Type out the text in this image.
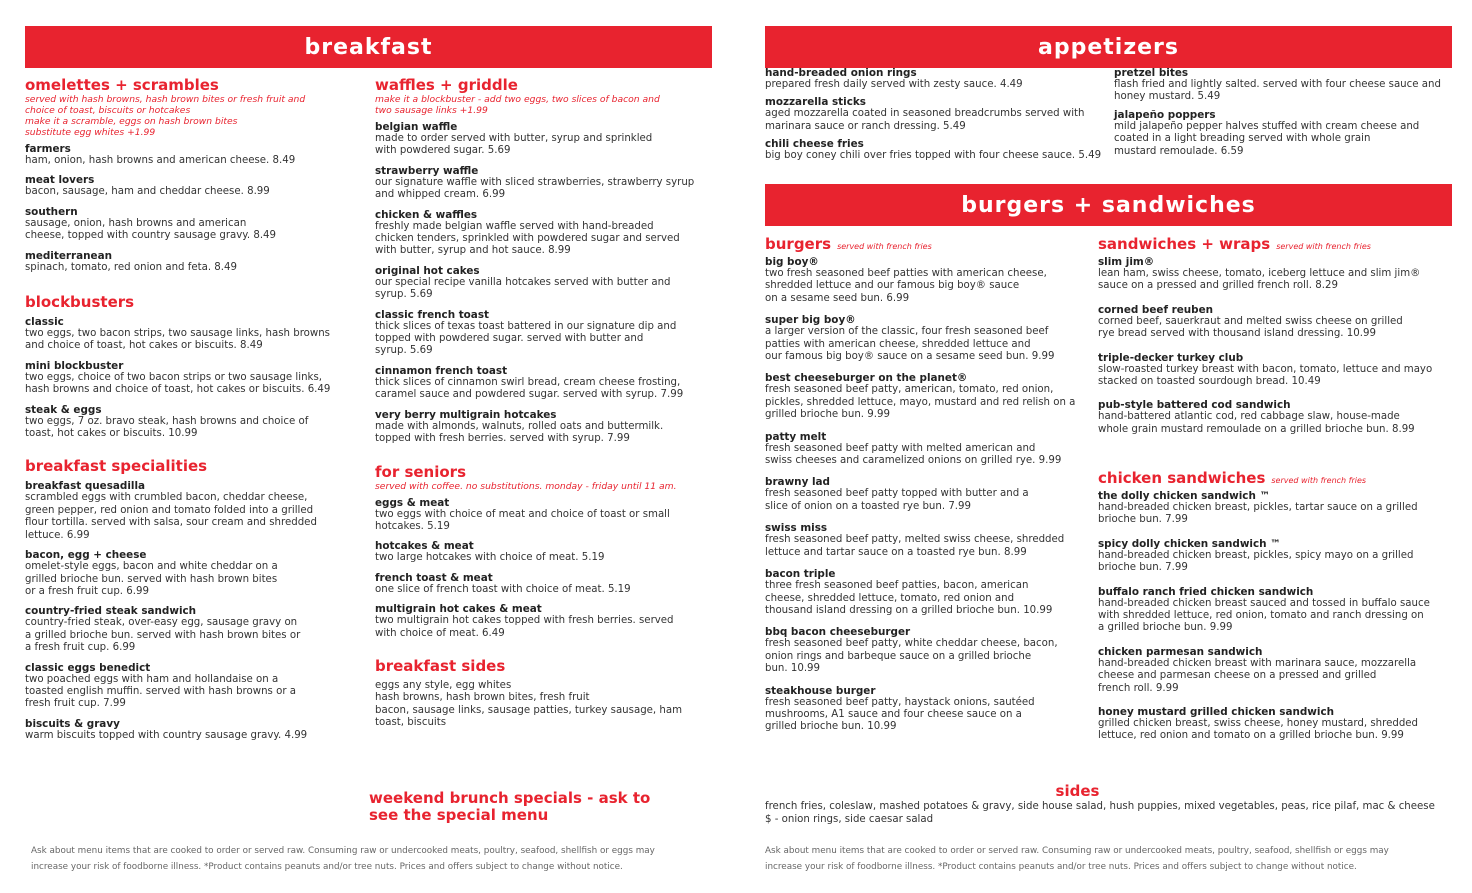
breakfast	appetizers
burgers + sandwiches
omelettes + scrambles
served with hash browns, hash brown bites or fresh fruit and
choice of toast, biscuits or hotcakes
make it a scramble, eggs on hash brown bites
substitute egg whites +1.99
farmers
ham, onion, hash browns and american cheese. 8.49
meat lovers
bacon, sausage, ham and cheddar cheese. 8.99
southern
sausage, onion, hash browns and american
cheese, topped with country sausage gravy. 8.49
mediterranean
spinach, tomato, red onion and feta. 8.49
blockbusters
classic
two eggs, two bacon strips, two sausage links, hash browns
and choice of toast, hot cakes or biscuits. 8.49
mini blockbuster
two eggs, choice of two bacon strips or two sausage links,
hash browns and choice of toast, hot cakes or biscuits. 6.49
steak & eggs
two eggs, 7 oz. bravo steak, hash browns and choice of
toast, hot cakes or biscuits. 10.99
breakfast specialities
breakfast quesadilla
scrambled eggs with crumbled bacon, cheddar cheese,
green pepper, red onion and tomato folded into a grilled
flour tortilla. served with salsa, sour cream and shredded
lettuce. 6.99
bacon, egg + cheese
omelet-style eggs, bacon and white cheddar on a
grilled brioche bun. served with hash brown bites
or a fresh fruit cup. 6.99
country-fried steak sandwich
country-fried steak, over-easy egg, sausage gravy on
a grilled brioche bun. served with hash brown bites or
a fresh fruit cup. 6.99
classic eggs benedict
two poached eggs with ham and hollandaise on a
toasted english muffin. served with hash browns or a
fresh fruit cup. 7.99
biscuits & gravy
warm biscuits topped with country sausage gravy. 4.99
waffles + griddle
make it a blockbuster - add two eggs, two slices of bacon and
two sausage links +1.99
belgian waffle
made to order served with butter, syrup and sprinkled
with powdered sugar. 5.69
strawberry waffle
our signature waffle with sliced strawberries, strawberry syrup
and whipped cream. 6.99
chicken & waffles
freshly made belgian waffle served with hand-breaded
chicken tenders, sprinkled with powdered sugar and served
with butter, syrup and hot sauce. 8.99
original hot cakes
our special recipe vanilla hotcakes served with butter and
syrup. 5.69
classic french toast
thick slices of texas toast battered in our signature dip and
topped with powdered sugar. served with butter and
syrup. 5.69
cinnamon french toast
thick slices of cinnamon swirl bread, cream cheese frosting,
caramel sauce and powdered sugar. served with syrup. 7.99
very berry multigrain hotcakes
made with almonds, walnuts, rolled oats and buttermilk.
topped with fresh berries. served with syrup. 7.99
for seniors
served with coffee. no substitutions. monday - friday until 11 am.
eggs & meat
two eggs with choice of meat and choice of toast or small
hotcakes. 5.19
hotcakes & meat
two large hotcakes with choice of meat. 5.19
french toast & meat
one slice of french toast with choice of meat. 5.19
multigrain hot cakes & meat
two multigrain hot cakes topped with fresh berries. served
with choice of meat. 6.49
breakfast sides
eggs any style, egg whites
hash browns, hash brown bites, fresh fruit
bacon, sausage links, sausage patties, turkey sausage, ham
toast, biscuits
weekend brunch specials - ask to
see the special menu
hand-breaded onion rings
prepared fresh daily served with zesty sauce. 4.49
mozzarella sticks
aged mozzarella coated in seasoned breadcrumbs served with
marinara sauce or ranch dressing. 5.49
chili cheese fries
big boy coney chili over fries topped with four cheese sauce. 5.49
pretzel bites
flash fried and lightly salted. served with four cheese sauce and
honey mustard. 5.49
jalapeño poppers
mild jalapeño pepper halves stuffed with cream cheese and
coated in a light breading served with whole grain
mustard remoulade. 6.59
burgers served with french fries
big boy®
two fresh seasoned beef patties with american cheese,
shredded lettuce and our famous big boy® sauce
on a sesame seed bun. 6.99
super big boy®
a larger version of the classic, four fresh seasoned beef
patties with american cheese, shredded lettuce and
our famous big boy® sauce on a sesame seed bun. 9.99
best cheeseburger on the planet®
fresh seasoned beef patty, american, tomato, red onion,
pickles, shredded lettuce, mayo, mustard and red relish on a
grilled brioche bun. 9.99
patty melt
fresh seasoned beef patty with melted american and
swiss cheeses and caramelized onions on grilled rye. 9.99
brawny lad
fresh seasoned beef patty topped with butter and a
slice of onion on a toasted rye bun. 7.99
swiss miss
fresh seasoned beef patty, melted swiss cheese, shredded
lettuce and tartar sauce on a toasted rye bun. 8.99
bacon triple
three fresh seasoned beef patties, bacon, american
cheese, shredded lettuce, tomato, red onion and
thousand island dressing on a grilled brioche bun. 10.99
bbq bacon cheeseburger
fresh seasoned beef patty, white cheddar cheese, bacon,
onion rings and barbeque sauce on a grilled brioche
bun. 10.99
steakhouse burger
fresh seasoned beef patty, haystack onions, sautéed
mushrooms, A1 sauce and four cheese sauce on a
grilled brioche bun. 10.99
sandwiches + wraps served with french fries
slim jim®
lean ham, swiss cheese, tomato, iceberg lettuce and slim jim®
sauce on a pressed and grilled french roll. 8.29
corned beef reuben
corned beef, sauerkraut and melted swiss cheese on grilled
rye bread served with thousand island dressing. 10.99
triple-decker turkey club
slow-roasted turkey breast with bacon, tomato, lettuce and mayo
stacked on toasted sourdough bread. 10.49
pub-style battered cod sandwich
hand-battered atlantic cod, red cabbage slaw, house-made
whole grain mustard remoulade on a grilled brioche bun. 8.99
chicken sandwiches served with french fries
the dolly chicken sandwich ™
hand-breaded chicken breast, pickles, tartar sauce on a grilled
brioche bun. 7.99
spicy dolly chicken sandwich ™
hand-breaded chicken breast, pickles, spicy mayo on a grilled
brioche bun. 7.99
buffalo ranch fried chicken sandwich
hand-breaded chicken breast sauced and tossed in buffalo sauce
with shredded lettuce, red onion, tomato and ranch dressing on
a grilled brioche bun. 9.99
chicken parmesan sandwich
hand-breaded chicken breast with marinara sauce, mozzarella
cheese and parmesan cheese on a pressed and grilled
french roll. 9.99
honey mustard grilled chicken sandwich
grilled chicken breast, swiss cheese, honey mustard, shredded
lettuce, red onion and tomato on a grilled brioche bun. 9.99
sides
french fries, coleslaw, mashed potatoes & gravy, side house salad, hush puppies, mixed vegetables, peas, rice pilaf, mac & cheese
$ - onion rings, side caesar salad
Ask about menu items that are cooked to order or served raw. Consuming raw or undercooked meats, poultry, seafood, shellfish or eggs may
increase your risk of foodborne illness. *Product contains peanuts and/or tree nuts. Prices and offers subject to change without notice.
Ask about menu items that are cooked to order or served raw. Consuming raw or undercooked meats, poultry, seafood, shellfish or eggs may
increase your risk of foodborne illness. *Product contains peanuts and/or tree nuts. Prices and offers subject to change without notice.
